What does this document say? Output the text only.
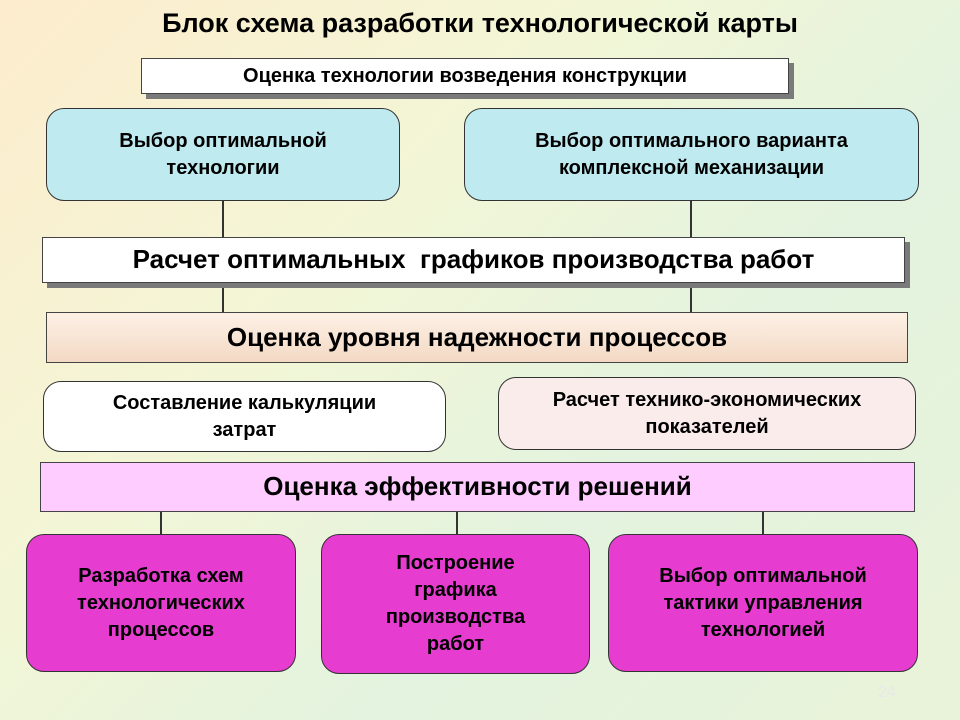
Блок схема разработки технологической карты
Оценка технологии возведения конструкции
Выбор оптимальной технологии
Выбор оптимального варианта комплексной механизации
Расчет оптимальных  графиков производства работ
Оценка уровня надежности процессов
Составление калькуляции затрат
Расчет технико-экономических показателей
Оценка эффективности решений
Разработка схем технологических процессов
Построение графика производства работ
Выбор оптимальной тактики управления технологией
24
